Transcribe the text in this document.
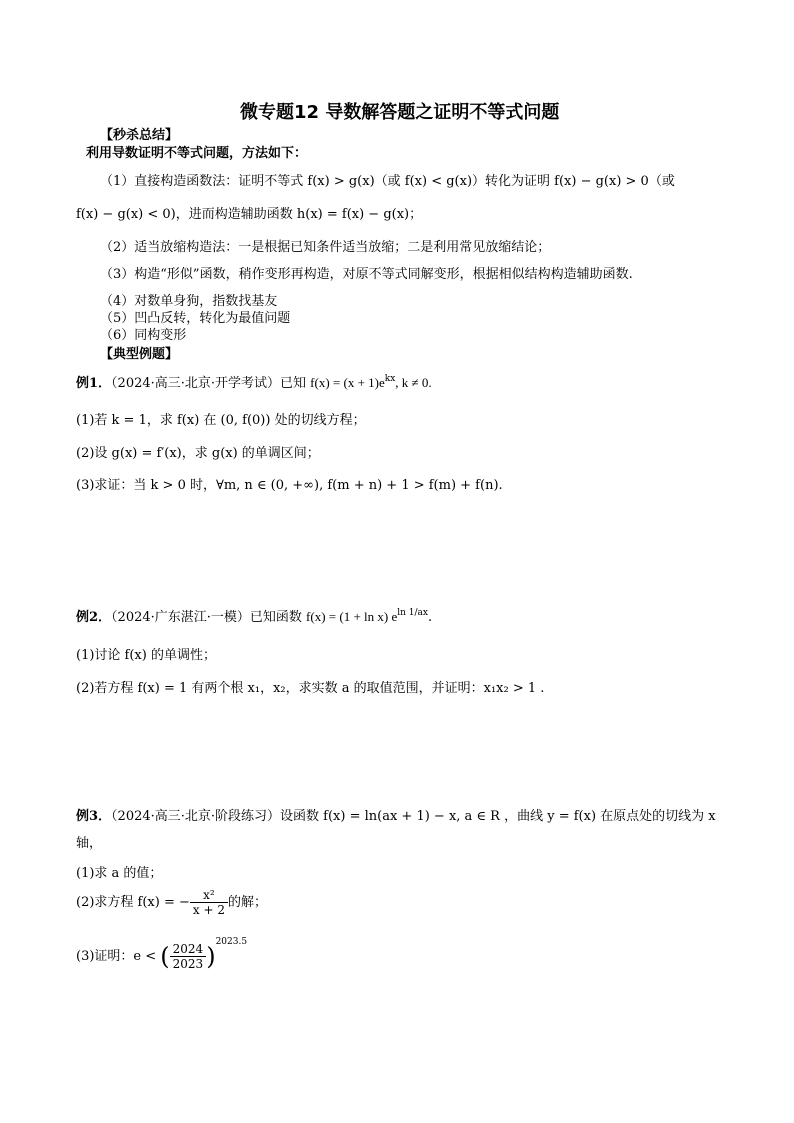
微专题12 导数解答题之证明不等式问题
【秒杀总结】
利用导数证明不等式问题，方法如下：
（1）直接构造函数法：证明不等式 f(x) > g(x)（或 f(x) < g(x)）转化为证明 f(x) − g(x) > 0（或
f(x) − g(x) < 0)，进而构造辅助函数 h(x) = f(x) − g(x)；
（2）适当放缩构造法：一是根据已知条件适当放缩；二是利用常见放缩结论；
（3）构造“形似”函数，稍作变形再构造，对原不等式同解变形，根据相似结构构造辅助函数.
（4）对数单身狗，指数找基友
（5）凹凸反转，转化为最值问题
（6）同构变形
【典型例题】
例1．（2024·高三·北京·开学考试）已知 $f(x) = (x + 1)e^{kx}$, k ≠ 0.
(1)若 k = 1，求 f(x) 在 (0, f(0)) 处的切线方程；
(2)设 g(x) = f′(x)，求 g(x) 的单调区间；
(3)求证：当 k > 0 时，∀m, n ∈ (0, +∞), f(m + n) + 1 > f(m) + f(n).
例2．（2024·广东湛江·一模）已知函数 f(x) = (1 + ln x) $e^{ln 1/ax}$.
(1)讨论 f(x) 的单调性；
(2)若方程 f(x) = 1 有两个根 x₁，x₂，求实数 a 的取值范围，并证明：x₁x₂ > 1 .
例3．（2024·高三·北京·阶段练习）设函数 f(x) = ln(ax + 1) − x, a ∈ R ，曲线 y = f(x) 在原点处的切线为 x
轴，
(1)求 a 的值；
(2)求方程 f(x) = − $\frac{\text{x²}}{x + 2}$ 的解；
(3)证明：e < ( $\frac{2024}{2023} )^{2023.5}$
